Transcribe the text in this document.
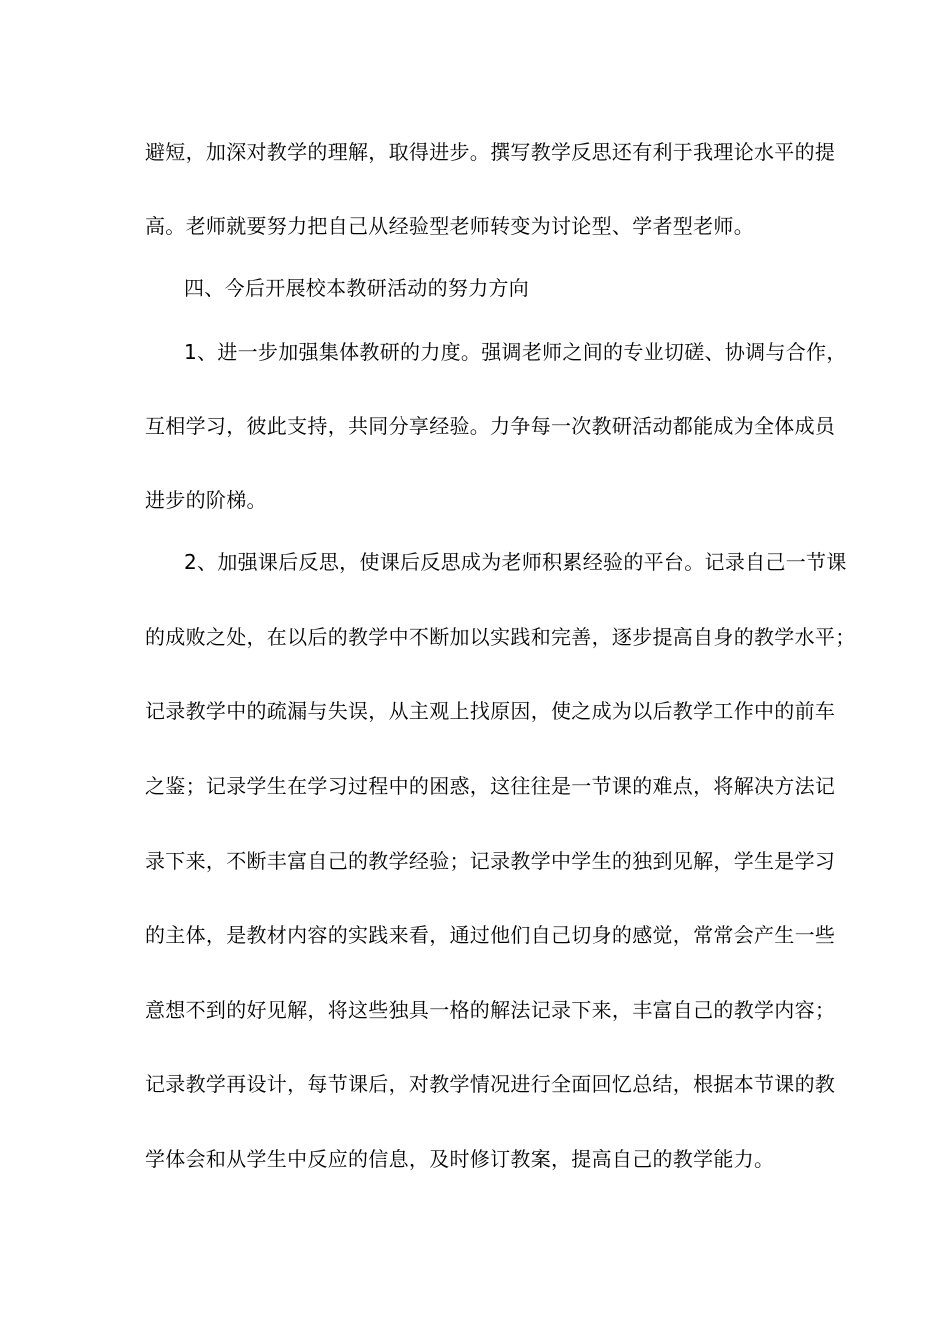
避短，加深对教学的理解，取得进步。撰写教学反思还有利于我理论水平的提
高。老师就要努力把自己从经验型老师转变为讨论型、学者型老师。
四、今后开展校本教研活动的努力方向
1、进一步加强集体教研的力度。强调老师之间的专业切磋、协调与合作，
互相学习，彼此支持，共同分享经验。力争每一次教研活动都能成为全体成员
进步的阶梯。
2、加强课后反思，使课后反思成为老师积累经验的平台。记录自己一节课
的成败之处，在以后的教学中不断加以实践和完善，逐步提高自身的教学水平；
记录教学中的疏漏与失误，从主观上找原因，使之成为以后教学工作中的前车
之鉴；记录学生在学习过程中的困惑，这往往是一节课的难点，将解决方法记
录下来，不断丰富自己的教学经验；记录教学中学生的独到见解，学生是学习
的主体，是教材内容的实践来看，通过他们自己切身的感觉，常常会产生一些
意想不到的好见解，将这些独具一格的解法记录下来，丰富自己的教学内容；
记录教学再设计，每节课后，对教学情况进行全面回忆总结，根据本节课的教
学体会和从学生中反应的信息，及时修订教案，提高自己的教学能力。
